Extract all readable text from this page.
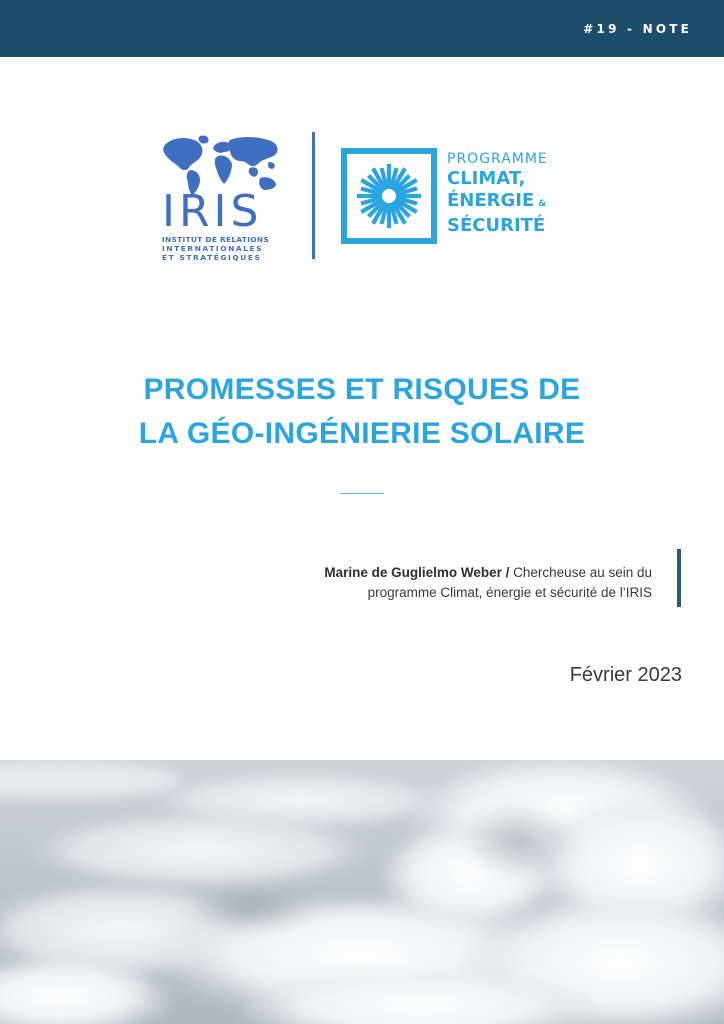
#19 - NOTE
IRIS
INSTITUT DE RELATIONS
INTERNATIONALES
ET STRATÉGIQUES
PROGRAMME
CLIMAT,
ÉNERGIE &
SÉCURITÉ
PROMESSES ET RISQUES DE
LA GÉO-INGÉNIERIE SOLAIRE
Marine de Guglielmo Weber / Chercheuse au sein du
programme Climat, énergie et sécurité de l’IRIS
Février 2023
